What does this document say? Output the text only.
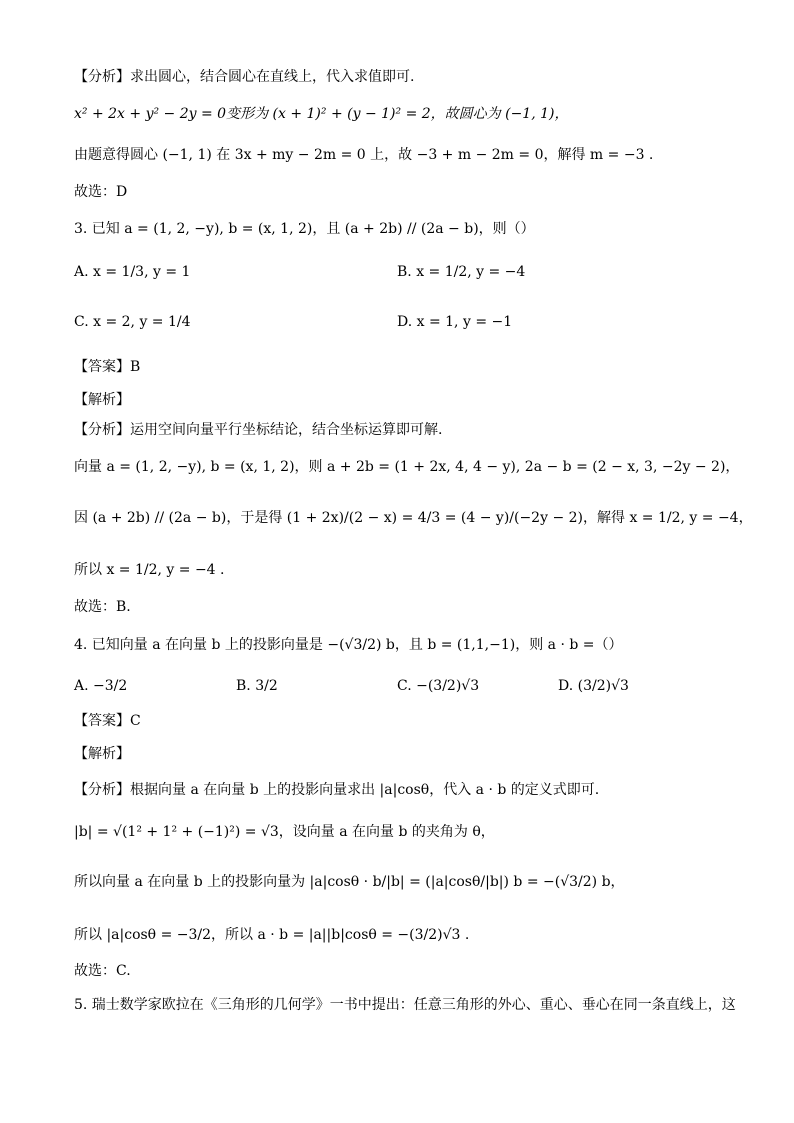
【分析】求出圆心，结合圆心在直线上，代入求值即可.
x² + 2x + y² − 2y = 0变形为 (x + 1)² + (y − 1)² = 2，故圆心为 (−1, 1)，
由题意得圆心 (−1, 1) 在 3x + my − 2m = 0 上，故 −3 + m − 2m = 0，解得 m = −3 .
故选：D
3. 已知 a = (1, 2, −y), b = (x, 1, 2)，且 (a + 2b) // (2a − b)，则（）
A. x = 1/3, y = 1	B. x = 1/2, y = −4
C. x = 2, y = 1/4	D. x = 1, y = −1
【答案】B
【解析】
【分析】运用空间向量平行坐标结论，结合坐标运算即可解.
向量 a = (1, 2, −y), b = (x, 1, 2)，则 a + 2b = (1 + 2x, 4, 4 − y), 2a − b = (2 − x, 3, −2y − 2)，
因 (a + 2b) // (2a − b)，于是得 (1 + 2x)/(2 − x) = 4/3 = (4 − y)/(−2y − 2)，解得 x = 1/2, y = −4，
所以 x = 1/2, y = −4 .
故选：B.
4. 已知向量 a 在向量 b 上的投影向量是 −(√3/2) b，且 b = (1,1,−1)，则 a · b =（）
A. −3/2	B. 3/2	C. −(3/2)√3	D. (3/2)√3
【答案】C
【解析】
【分析】根据向量 a 在向量 b 上的投影向量求出 |a|cosθ，代入 a · b 的定义式即可.
|b| = √(1² + 1² + (−1)²) = √3，设向量 a 在向量 b 的夹角为 θ，
所以向量 a 在向量 b 上的投影向量为 |a|cosθ · b/|b| = (|a|cosθ/|b|) b = −(√3/2) b，
所以 |a|cosθ = −3/2，所以 a · b = |a||b|cosθ = −(3/2)√3 .
故选：C.
5. 瑞士数学家欧拉在《三角形的几何学》一书中提出：任意三角形的外心、重心、垂心在同一条直线上，这
